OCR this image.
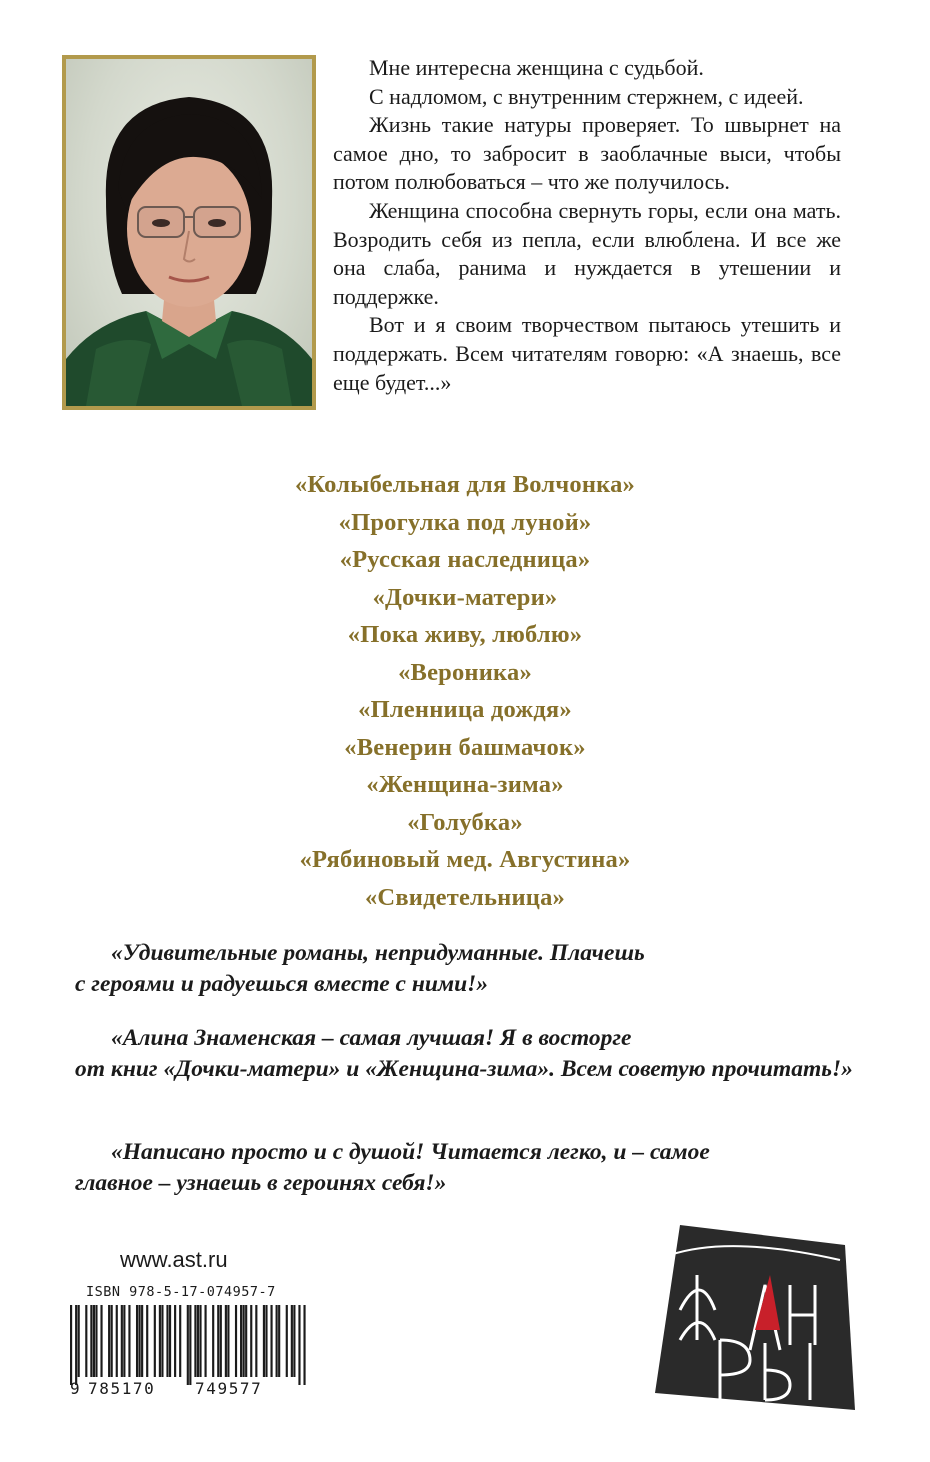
Мне интересна женщина с судьбой.

С надломом, с внутренним стержнем, с идеей.

Жизнь такие натуры проверяет. То швырнет на самое дно, то забросит в заоблачные выси, чтобы потом полюбоваться – что же получилось.

Женщина способна свернуть горы, если она мать. Возродить себя из пепла, если влюблена. И все же она слаба, ранима и нуждается в утешении и поддержке.

Вот и я своим творчеством пытаюсь утешить и поддержать. Всем читателям говорю: «А знаешь, все еще будет...»

«Колыбельная для Волчонка»
«Прогулка под луной»
«Русская наследница»
«Дочки-матери»
«Пока живу, люблю»
«Вероника»
«Пленница дождя»
«Венерин башмачок»
«Женщина-зима»
«Голубка»
«Рябиновый мед. Августина»
«Свидетельница»

«Удивительные романы, непридуманные. Плачешь
с героями и радуешься вместе с ними!»

«Алина Знаменская – самая лучшая! Я в восторге
от книг «Дочки-матери» и «Женщина-зима». Всем советую прочитать!»

«Написано просто и с душой! Читается легко, и – самое
главное – узнаешь в героинях себя!»

www.ast.ru
ISBN 978-5-17-074957-7
9 785170 749577
